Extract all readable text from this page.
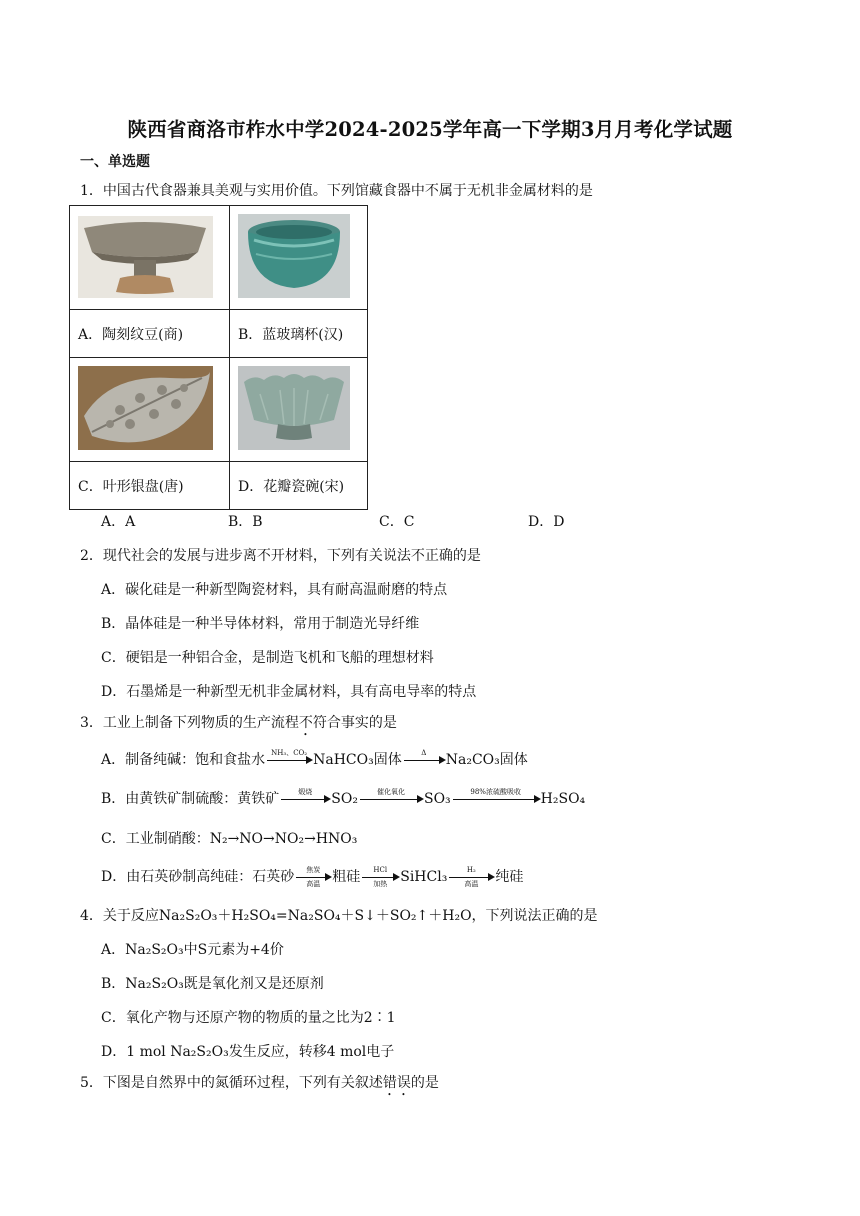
陕西省商洛市柞水中学2024-2025学年高一下学期3月月考化学试题
一、单选题
1．中国古代食器兼具美观与实用价值。下列馆藏食器中不属于无机非金属材料的是

A．陶刻纹豆(商)	B．蓝玻璃杯(汉)

C．叶形银盘(唐)	D．花瓣瓷碗(宋)
A．A	B．B	C．C	D．D
2．现代社会的发展与进步离不开材料，下列有关说法不正确的是
A．碳化硅是一种新型陶瓷材料，具有耐高温耐磨的特点
B．晶体硅是一种半导体材料，常用于制造光导纤维
C．硬铝是一种铝合金，是制造飞机和飞船的理想材料
D．石墨烯是一种新型无机非金属材料，具有高电导率的特点
3．工业上制备下列物质的生产流程不符合事实的是
A．制备纯碱：饱和食盐水 NH₃、CO₂ NaHCO₃固体	Δ	Na₂CO₃固体
B．由黄铁矿制硫酸：黄铁矿	煅烧	SO₂	催化氧化	SO₃	98%浓硫酸吸收	H₂SO₄
C．工业制硝酸：N₂→NO→NO₂→HNO₃
D．由石英砂制高纯硅：石英砂	焦炭
高温 粗硅	HCl
加热 SiHCl₃	H₂
高温	纯硅
4．关于反应Na₂S₂O₃＋H₂SO₄=Na₂SO₄＋S↓＋SO₂↑＋H₂O，下列说法正确的是
A．Na₂S₂O₃中S元素为+4价
B．Na₂S₂O₃既是氧化剂又是还原剂
C．氧化产物与还原产物的物质的量之比为2∶1
D．1 mol Na₂S₂O₃发生反应，转移4 mol电子
5．下图是自然界中的氮循环过程，下列有关叙述错误的是
